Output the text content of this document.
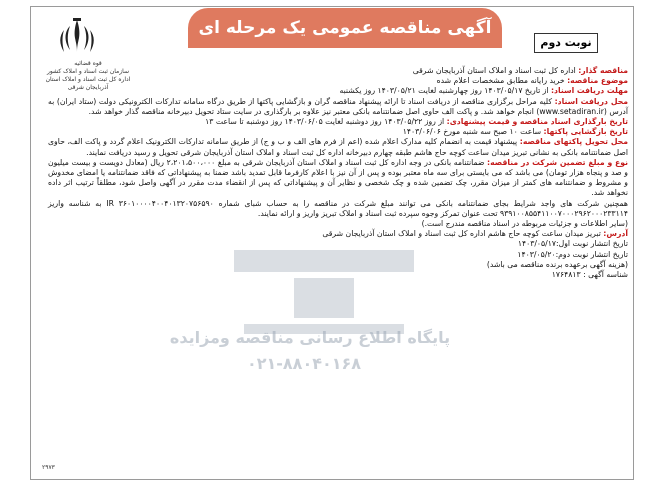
آگهی مناقصه عمومی یک مرحله ای
نوبت دوم
قوه قضائیه
سازمان ثبت اسناد و املاک کشور
اداره کل ثبت اسناد و املاک استان آذربایجان شرقی
پایگاه اطلاع رسانی مناقصه ومزایده
۰۲۱-۸۸۰۴۰۱۶۸

مناقصه گذار: اداره کل ثبت اسناد و املاک استان آذربایجان شرقی

موضوع مناقصه: خرید رایانه مطابق مشخصات اعلام شده

مهلت دریافت اسناد: از تاریخ ۱۴۰۳/۰۵/۱۷ روز چهارشنبه لغایت ۱۴۰۳/۰۵/۲۱ روز یکشنبه

محل دریافت اسناد: کلیه مراحل برگزاری مناقصه از دریافت اسناد تا ارائه پیشنهاد مناقصه گران و بازگشایی پاکتها از طریق درگاه سامانه تدارکات الکترونیکی دولت (ستاد ایران) به آدرس (www.setadiran.ir) انجام خواهد شد. و پاکت الف حاوی اصل ضمانتنامه بانکی معتبر نیز علاوه بر بارگذاری در سایت ستاد تحویل دبیرخانه مناقصه گذار خواهد شد.

تاریخ بارگذاری اسناد مناقصه و قیمت پیشنهادی: از روز ۱۴۰۳/۰۵/۲۲ روز دوشنبه لغایت ۱۴۰۳/۰۶/۰۵ روز دوشنبه تا ساعت ۱۳

تاریخ بازگشایی پاکتها: ساعت ۱۰ صبح سه شنبه مورخ ۱۴۰۳/۰۶/۰۶

محل تحویل پاکتهای مناقصه: پیشنهاد قیمت به انضمام کلیه مدارک اعلام شده (اعم از فرم های الف و ب و ج) از طریق سامانه تدارکات الکترونیک اعلام گردد و پاکت الف، حاوی اصل ضمانتنامه بانکی به نشانی تبریز میدان ساعت کوچه حاج هاشم طبقه چهارم دبیرخانه اداره کل ثبت اسناد و املاک استان آذربایجان شرقی تحویل و رسید دریافت نمایند.

نوع و مبلغ تضمین شرکت در مناقصه: ضمانتنامه بانکی در وجه اداره کل ثبت اسناد و املاک استان آذربایجان شرقی به مبلغ ۲،۲۰۱،۵۰۰،۰۰۰ ریال (معادل دویست و بیست میلیون و صد و پنجاه هزار تومان) می باشد که می بایستی برای سه ماه معتبر بوده و پس از آن نیز با اعلام کارفرما قابل تمدید باشد ضمنا به پیشنهاداتی که فاقد ضمانتنامه یا امضای مخدوش و مشروط و ضمانتنامه های کمتر از میزان مقرر، چک تضمین شده و چک شخصی و نظایر آن و پیشنهاداتی که پس از انقضاء مدت مقرر در آگهی واصل شود، مطلقاً ترتیب اثر داده نخواهد شد.

همچنین شرکت های واجد شرایط بجای ضمانتنامه بانکی می توانند مبلغ شرکت در مناقصه را به حساب شبای شماره IR ۳۶۰۱۰۰۰۰۴۰۰۴۰۱۳۲۰۷۵۶۵۹۰ به شناسه واریز ۹۳۹۱۰۰۸۵۵۴۱۱۰۰۷۰۰۰۲۹۶۲۰۰۰۲۳۳۱۱۴ تحت عنوان تمرکز وجوه سپرده ثبت اسناد و املاک تبریز واریز و ارائه نمایند.

(سایر اطلاعات و جزئیات مربوطه در اسناد مناقصه مندرج است.)

آدرس: تبریز میدان ساعت کوچه حاج هاشم اداره کل ثبت اسناد و املاک استان آذربایجان شرقی

تاریخ انتشار نوبت اول:۱۴۰۳/۰۵/۱۷

تاریخ انتشار نوبت دوم:۱۴۰۳/۰۵/۲۰

(هزینه آگهی برعهده برنده مناقصه می باشد)

شناسه آگهی : ۱۷۶۴۸۱۳

۲۹۷۳
